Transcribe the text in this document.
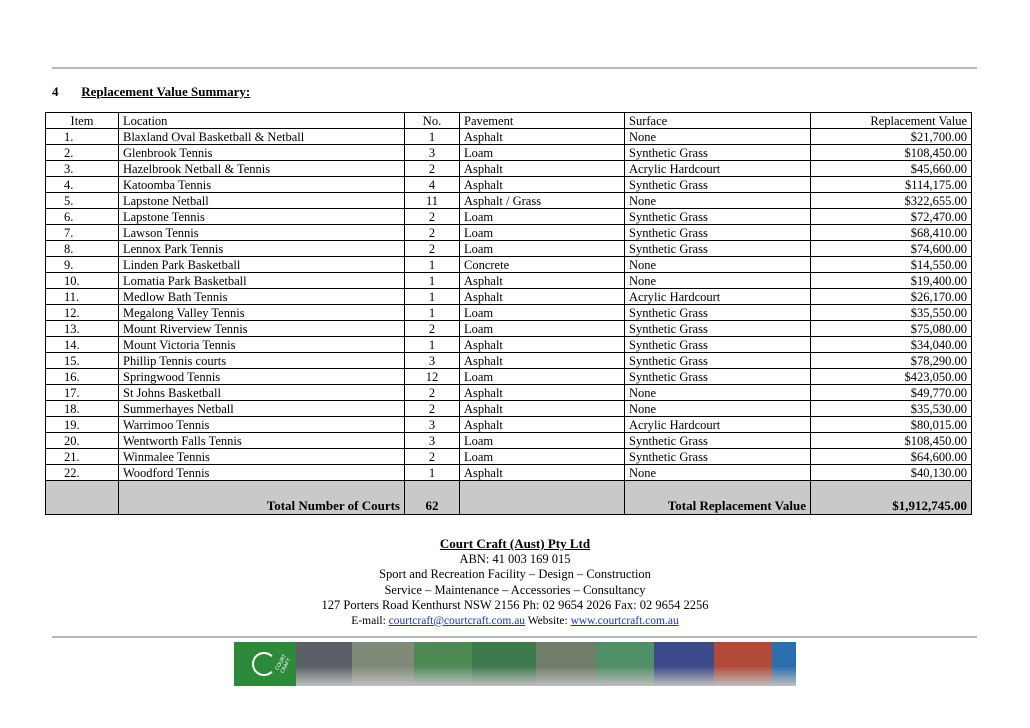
4 Replacement Value Summary:
Item	Location	No.	Pavement	Surface	Replacement Value
1.	Blaxland Oval Basketball & Netball	1	Asphalt	None	$21,700.00
2.	Glenbrook Tennis	3	Loam	Synthetic Grass	$108,450.00
3.	Hazelbrook Netball & Tennis	2	Asphalt	Acrylic Hardcourt	$45,660.00
4.	Katoomba Tennis	4	Asphalt	Synthetic Grass	$114,175.00
5.	Lapstone Netball	11	Asphalt / Grass	None	$322,655.00
6.	Lapstone Tennis	2	Loam	Synthetic Grass	$72,470.00
7.	Lawson Tennis	2	Loam	Synthetic Grass	$68,410.00
8.	Lennox Park Tennis	2	Loam	Synthetic Grass	$74,600.00
9.	Linden Park Basketball	1	Concrete	None	$14,550.00
10.	Lomatia Park Basketball	1	Asphalt	None	$19,400.00
11.	Medlow Bath Tennis	1	Asphalt	Acrylic Hardcourt	$26,170.00
12.	Megalong Valley Tennis	1	Loam	Synthetic Grass	$35,550.00
13.	Mount Riverview Tennis	2	Loam	Synthetic Grass	$75,080.00
14.	Mount Victoria Tennis	1	Asphalt	Synthetic Grass	$34,040.00
15.	Phillip Tennis courts	3	Asphalt	Synthetic Grass	$78,290.00
16.	Springwood Tennis	12	Loam	Synthetic Grass	$423,050.00
17.	St Johns Basketball	2	Asphalt	None	$49,770.00
18.	Summerhayes Netball	2	Asphalt	None	$35,530.00
19.	Warrimoo Tennis	3	Asphalt	Acrylic Hardcourt	$80,015.00
20.	Wentworth Falls Tennis	3	Loam	Synthetic Grass	$108,450.00
21.	Winmalee Tennis	2	Loam	Synthetic Grass	$64,600.00
22.	Woodford Tennis	1	Asphalt	None	$40,130.00
	Total Number of Courts	62		Total Replacement Value	$1,912,745.00
Court Craft (Aust) Pty Ltd
ABN: 41 003 169 015
Sport and Recreation Facility – Design – Construction
Service – Maintenance – Accessories – Consultancy
127 Porters Road Kenthurst NSW 2156 Ph: 02 9654 2026 Fax: 02 9654 2256
E-mail: courtcraft@courtcraft.com.au Website: www.courtcraft.com.au
COURT CRAFT
